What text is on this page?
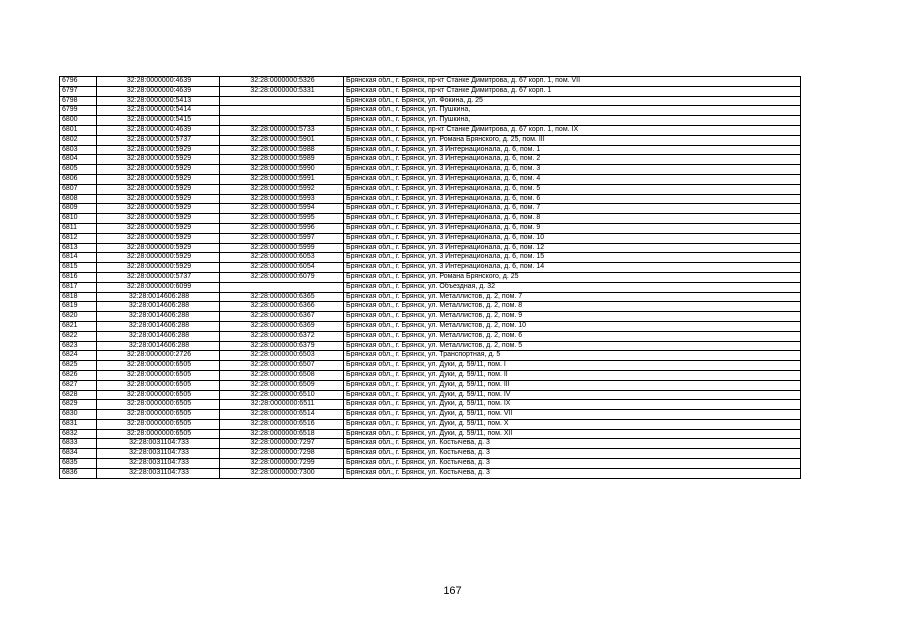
6796	32:28:0000000:4639	32:28:0000000:5326	Брянская обл., г. Брянск, пр-кт Станке Димитрова, д. 67 корп. 1, пом. VII
6797	32:28:0000000:4639	32:28:0000000:5331	Брянская обл., г. Брянск, пр-кт Станке Димитрова, д. 67 корп. 1
6798	32:28:0000000:5413		Брянская обл., г. Брянск, ул. Фокина, д. 25
6799	32:28:0000000:5414		Брянская обл., г. Брянск, ул. Пушкина,
6800	32:28:0000000:5415		Брянская обл., г. Брянск, ул. Пушкина,
6801	32:28:0000000:4639	32:28:0000000:5733	Брянская обл., г. Брянск, пр-кт Станке Димитрова, д. 67 корп. 1, пом. IX
6802	32:28:0000000:5737	32:28:0000000:5901	Брянская обл., г. Брянск, ул. Романа Брянского, д. 25, пом. III
6803	32:28:0000000:5929	32:28:0000000:5988	Брянская обл., г. Брянск, ул. 3 Интернационала, д. 6, пом. 1
6804	32:28:0000000:5929	32:28:0000000:5989	Брянская обл., г. Брянск, ул. 3 Интернационала, д. 6, пом. 2
6805	32:28:0000000:5929	32:28:0000000:5990	Брянская обл., г. Брянск, ул. 3 Интернационала, д. 6, пом. 3
6806	32:28:0000000:5929	32:28:0000000:5991	Брянская обл., г. Брянск, ул. 3 Интернационала, д. 6, пом. 4
6807	32:28:0000000:5929	32:28:0000000:5992	Брянская обл., г. Брянск, ул. 3 Интернационала, д. 6, пом. 5
6808	32:28:0000000:5929	32:28:0000000:5993	Брянская обл., г. Брянск, ул. 3 Интернационала, д. 6, пом. 6
6809	32:28:0000000:5929	32:28:0000000:5994	Брянская обл., г. Брянск, ул. 3 Интернационала, д. 6, пом. 7
6810	32:28:0000000:5929	32:28:0000000:5995	Брянская обл., г. Брянск, ул. 3 Интернационала, д. 6, пом. 8
6811	32:28:0000000:5929	32:28:0000000:5996	Брянская обл., г. Брянск, ул. 3 Интернационала, д. 6, пом. 9
6812	32:28:0000000:5929	32:28:0000000:5997	Брянская обл., г. Брянск, ул. 3 Интернационала, д. 6, пом. 10
6813	32:28:0000000:5929	32:28:0000000:5999	Брянская обл., г. Брянск, ул. 3 Интернационала, д. 6, пом. 12
6814	32:28:0000000:5929	32:28:0000000:6053	Брянская обл., г. Брянск, ул. 3 Интернационала, д. 6, пом. 15
6815	32:28:0000000:5929	32:28:0000000:6054	Брянская обл., г. Брянск, ул. 3 Интернационала, д. 6, пом. 14
6816	32:28:0000000:5737	32:28:0000000:6079	Брянская обл., г. Брянск, ул. Романа Брянского, д. 25
6817	32:28:0000000:6099		Брянская обл., г. Брянск, ул. Объездная, д. 32
6818	32:28:0014606:288	32:28:0000000:6365	Брянская обл., г. Брянск, ул. Металлистов, д. 2, пом. 7
6819	32:28:0014606:288	32:28:0000000:6366	Брянская обл., г. Брянск, ул. Металлистов, д. 2, пом. 8
6820	32:28:0014606:288	32:28:0000000:6367	Брянская обл., г. Брянск, ул. Металлистов, д. 2, пом. 9
6821	32:28:0014606:288	32:28:0000000:6369	Брянская обл., г. Брянск, ул. Металлистов, д. 2, пом. 10
6822	32:28:0014606:288	32:28:0000000:6372	Брянская обл., г. Брянск, ул. Металлистов, д. 2, пом. 6
6823	32:28:0014606:288	32:28:0000000:6379	Брянская обл., г. Брянск, ул. Металлистов, д. 2, пом. 5
6824	32:28:0000000:2726	32:28:0000000:6503	Брянская обл., г. Брянск, ул. Транспортная, д. 5
6825	32:28:0000000:6505	32:28:0000000:6507	Брянская обл., г. Брянск, ул. Дуки, д. 59/11, пом. I
6826	32:28:0000000:6505	32:28:0000000:6508	Брянская обл., г. Брянск, ул. Дуки, д. 59/11, пом. II
6827	32:28:0000000:6505	32:28:0000000:6509	Брянская обл., г. Брянск, ул. Дуки, д. 59/11, пом. III
6828	32:28:0000000:6505	32:28:0000000:6510	Брянская обл., г. Брянск, ул. Дуки, д. 59/11, пом. IV
6829	32:28:0000000:6505	32:28:0000000:6511	Брянская обл., г. Брянск, ул. Дуки, д. 59/11, пом. IX
6830	32:28:0000000:6505	32:28:0000000:6514	Брянская обл., г. Брянск, ул. Дуки, д. 59/11, пом. VII
6831	32:28:0000000:6505	32:28:0000000:6516	Брянская обл., г. Брянск, ул. Дуки, д. 59/11, пом. X
6832	32:28:0000000:6505	32:28:0000000:6518	Брянская обл., г. Брянск, ул. Дуки, д. 59/11, пом. XII
6833	32:28:0031104:733	32:28:0000000:7297	Брянская обл., г. Брянск, ул. Костычева, д. 3
6834	32:28:0031104:733	32:28:0000000:7298	Брянская обл., г. Брянск, ул. Костычева, д. 3
6835	32:28:0031104:733	32:28:0000000:7299	Брянская обл., г. Брянск, ул. Костычева, д. 3
6836	32:28:0031104:733	32:28:0000000:7300	Брянская обл., г. Брянск, ул. Костычева, д. 3
167
